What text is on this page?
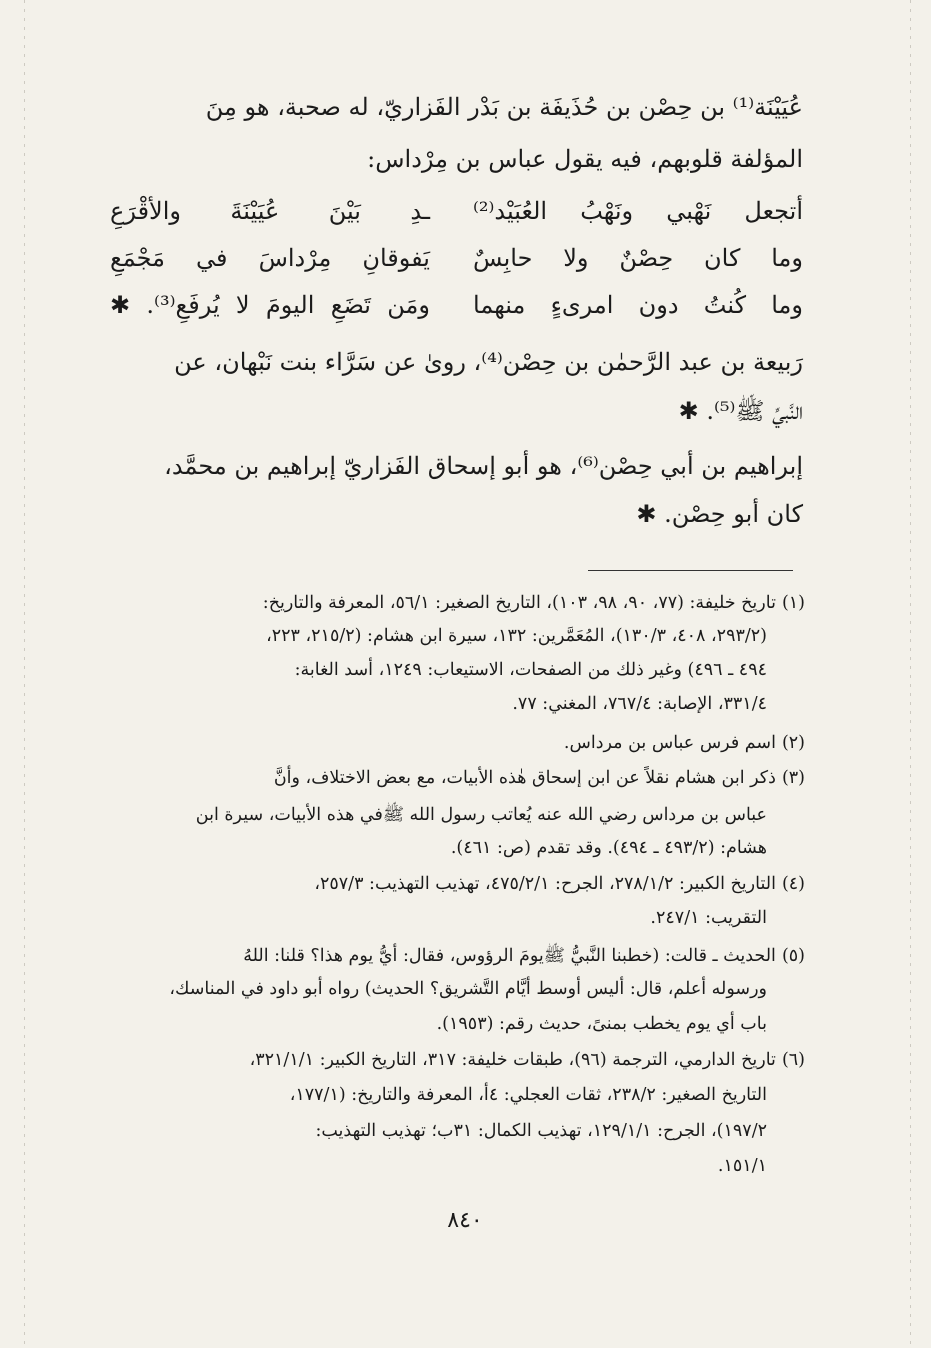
عُيَيْنَة⁽¹⁾ بن حِصْن بن حُذَيفَة بن بَدْر الفَزاريّ، له صحبة، هو مِنَ
المؤلفة قلوبهم، فيه يقول عباس بن مِرْداس:
أتجعل نَهْبي ونَهْبُ العُبَيْد⁽²⁾
ـدِ بَيْنَ عُيَيْنَةَ والأقْرَعِ
وما كان حِصْنٌ ولا حابِسٌ
يَفوقانِ مِرْداسَ في مَجْمَعِ
وما كُنتُ دون امرىءٍ منهما
ومَن تَضَعِ اليومَ لا يُرفَعِ⁽³⁾. ✱
رَبيعة بن عبد الرَّحمٰن بن حِصْن⁽⁴⁾، روىٰ عن سَرَّاء بنت نَبْهان، عن
النَّبيِّ ﷺ⁽⁵⁾. ✱
إبراهيم بن أبي حِصْن⁽⁶⁾، هو أبو إسحاق الفَزاريّ إبراهيم بن محمَّد،
كان أبو حِصْن. ✱
(١)تاريخ خليفة: (٧٧، ٩٠، ٩٨، ١٠٣)، التاريخ الصغير: ٥٦/١، المعرفة والتاريخ:
(٢٩٣/٢، ٤٠٨، ١٣٠/٣)، المُعَمَّرين: ١٣٢، سيرة ابن هشام: (٢١٥/٢، ٢٢٣،
٤٩٤ ـ ٤٩٦) وغير ذلك من الصفحات، الاستيعاب: ١٢٤٩، أسد الغابة:
٣٣١/٤، الإصابة: ٧٦٧/٤، المغني: ٧٧.
(٢)اسم فرس عباس بن مرداس.
(٣)ذكر ابن هشام نقلاً عن ابن إسحاق هٰذه الأبيات، مع بعض الاختلاف، وأنَّ
عباس بن مرداس رضي الله عنه يُعاتب رسول الله ﷺفي هذه الأبيات، سيرة ابن
هشام: (٤٩٣/٢ ـ ٤٩٤). وقد تقدم (ص: ٤٦١).
(٤)التاريخ الكبير: ٢٧٨/١/٢، الجرح: ٤٧٥/٢/١، تهذيب التهذيب: ٢٥٧/٣،
التقريب: ٢٤٧/١.
(٥)الحديث ـ قالت: (خطبنا النَّبيُّ ﷺيومَ الرؤوس، فقال: أيُّ يوم هذا؟ قلنا: اللهُ
ورسوله أعلم، قال: أليس أوسط أيَّام التَّشريق؟ الحديث) رواه أبو داود في المناسك،
باب أي يوم يخطب بمنىً، حديث رقم: (١٩٥٣).
(٦)تاريخ الدارمي، الترجمة (٩٦)، طبقات خليفة: ٣١٧، التاريخ الكبير: ٣٢١/١/١،
التاريخ الصغير: ٢٣٨/٢، ثقات العجلي: ٤أ، المعرفة والتاريخ: (١٧٧/١،
١٩٧/٢)، الجرح: ١٢٩/١/١، تهذيب الكمال: ٣١ب؛ تهذيب التهذيب:
١٥١/١.
٨٤٠
